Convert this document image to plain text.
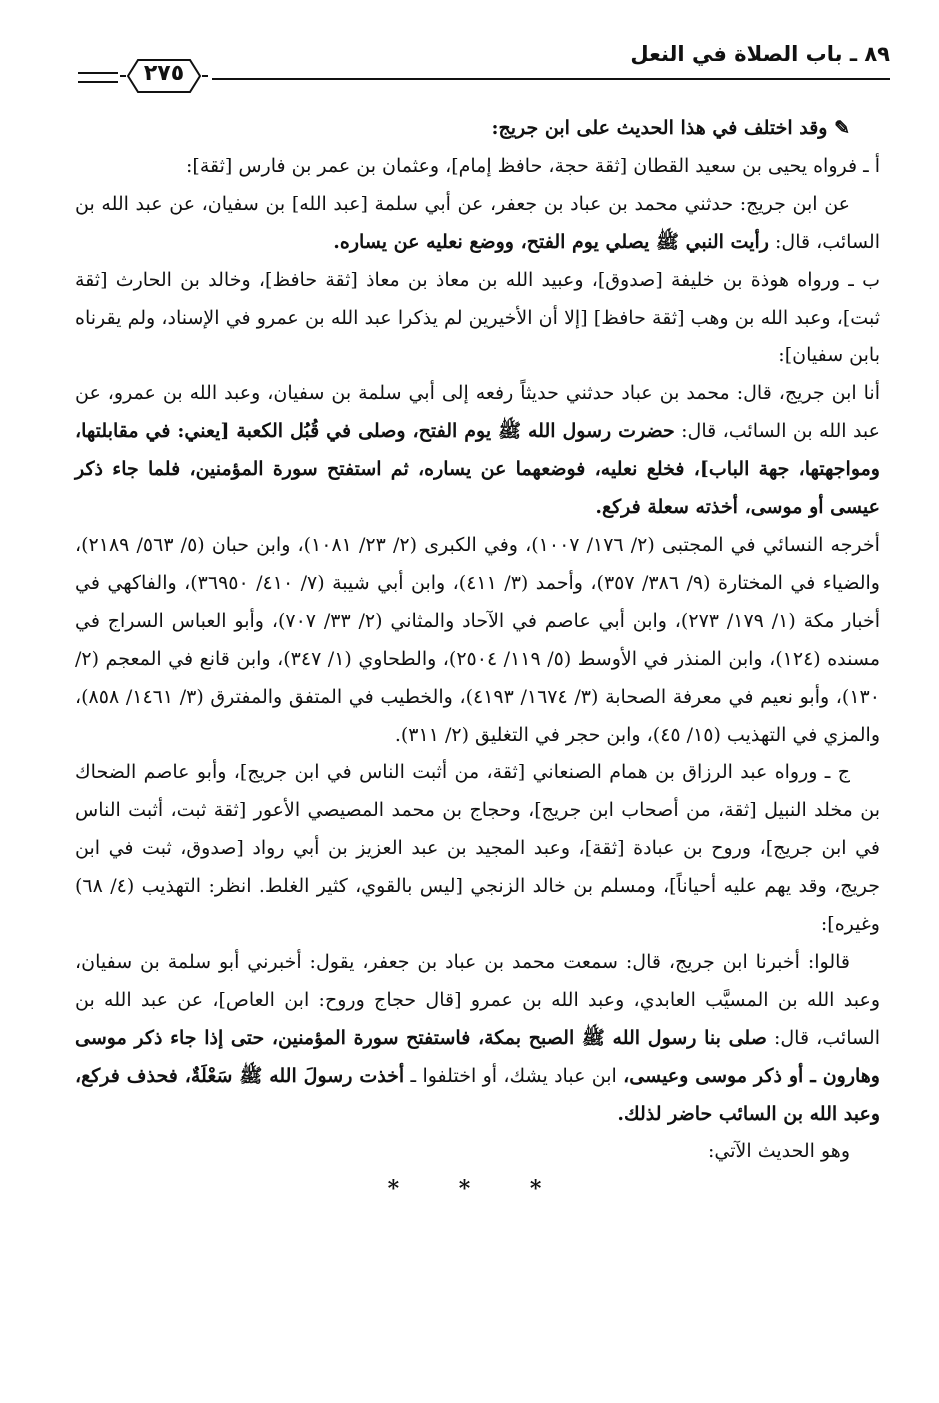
٨٩ ـ باب الصلاة في النعل
٢٧٥

✎ وقد اختلف في هذا الحديث على ابن جريج:

أ ـ فرواه يحيى بن سعيد القطان [ثقة حجة، حافظ إمام]، وعثمان بن عمر بن فارس [ثقة]:

عن ابن جريج: حدثني محمد بن عباد بن جعفر، عن أبي سلمة [عبد الله] بن سفيان، عن عبد الله بن السائب، قال: رأيت النبي ﷺ يصلي يوم الفتح، ووضع نعليه عن يساره.

ب ـ ورواه هوذة بن خليفة [صدوق]، وعبيد الله بن معاذ بن معاذ [ثقة حافظ]، وخالد بن الحارث [ثقة ثبت]، وعبد الله بن وهب [ثقة حافظ] [إلا أن الأخيرين لم يذكرا عبد الله بن عمرو في الإسناد، ولم يقرناه بابن سفيان]:

أنا ابن جريج، قال: محمد بن عباد حدثني حديثاً رفعه إلى أبي سلمة بن سفيان، وعبد الله بن عمرو، عن عبد الله بن السائب، قال: حضرت رسول الله ﷺ يوم الفتح، وصلى في قُبُل الكعبة [يعني: في مقابلتها، ومواجهتها، جهة الباب]، فخلع نعليه، فوضعهما عن يساره، ثم استفتح سورة المؤمنين، فلما جاء ذكر عيسى أو موسى، أخذته سعلة فركع.

أخرجه النسائي في المجتبى (٢/ ١٧٦/ ١٠٠٧)، وفي الكبرى (٢/ ٢٣/ ١٠٨١)، وابن حبان (٥/ ٥٦٣/ ٢١٨٩)، والضياء في المختارة (٩/ ٣٨٦/ ٣٥٧)، وأحمد (٣/ ٤١١)، وابن أبي شيبة (٧/ ٤١٠/ ٣٦٩٥٠)، والفاكهي في أخبار مكة (١/ ١٧٩/ ٢٧٣)، وابن أبي عاصم في الآحاد والمثاني (٢/ ٣٣/ ٧٠٧)، وأبو العباس السراج في مسنده (١٢٤)، وابن المنذر في الأوسط (٥/ ١١٩/ ٢٥٠٤)، والطحاوي (١/ ٣٤٧)، وابن قانع في المعجم (٢/ ١٣٠)، وأبو نعيم في معرفة الصحابة (٣/ ١٦٧٤/ ٤١٩٣)، والخطيب في المتفق والمفترق (٣/ ١٤٦١/ ٨٥٨)، والمزي في التهذيب (١٥/ ٤٥)، وابن حجر في التغليق (٢/ ٣١١).

ج ـ ورواه عبد الرزاق بن همام الصنعاني [ثقة، من أثبت الناس في ابن جريج]، وأبو عاصم الضحاك بن مخلد النبيل [ثقة، من أصحاب ابن جريج]، وحجاج بن محمد المصيصي الأعور [ثقة ثبت، أثبت الناس في ابن جريج]، وروح بن عبادة [ثقة]، وعبد المجيد بن عبد العزيز بن أبي رواد [صدوق، ثبت في ابن جريج، وقد يهم عليه أحياناً]، ومسلم بن خالد الزنجي [ليس بالقوي، كثير الغلط. انظر: التهذيب (٤/ ٦٨) وغيره]:

قالوا: أخبرنا ابن جريج، قال: سمعت محمد بن عباد بن جعفر، يقول: أخبرني أبو سلمة بن سفيان، وعبد الله بن المسيَّب العابدي، وعبد الله بن عمرو [قال حجاج وروح: ابن العاص]، عن عبد الله بن السائب، قال: صلى بنا رسول الله ﷺ الصبح بمكة، فاستفتح سورة المؤمنين، حتى إذا جاء ذكر موسى وهارون ـ أو ذكر موسى وعيسى، ابن عباد يشك، أو اختلفوا ـ أخذت رسولَ الله ﷺ سَعْلَةٌ، فحذف فركع، وعبد الله بن السائب حاضر لذلك.

وهو الحديث الآتي:

* * *
